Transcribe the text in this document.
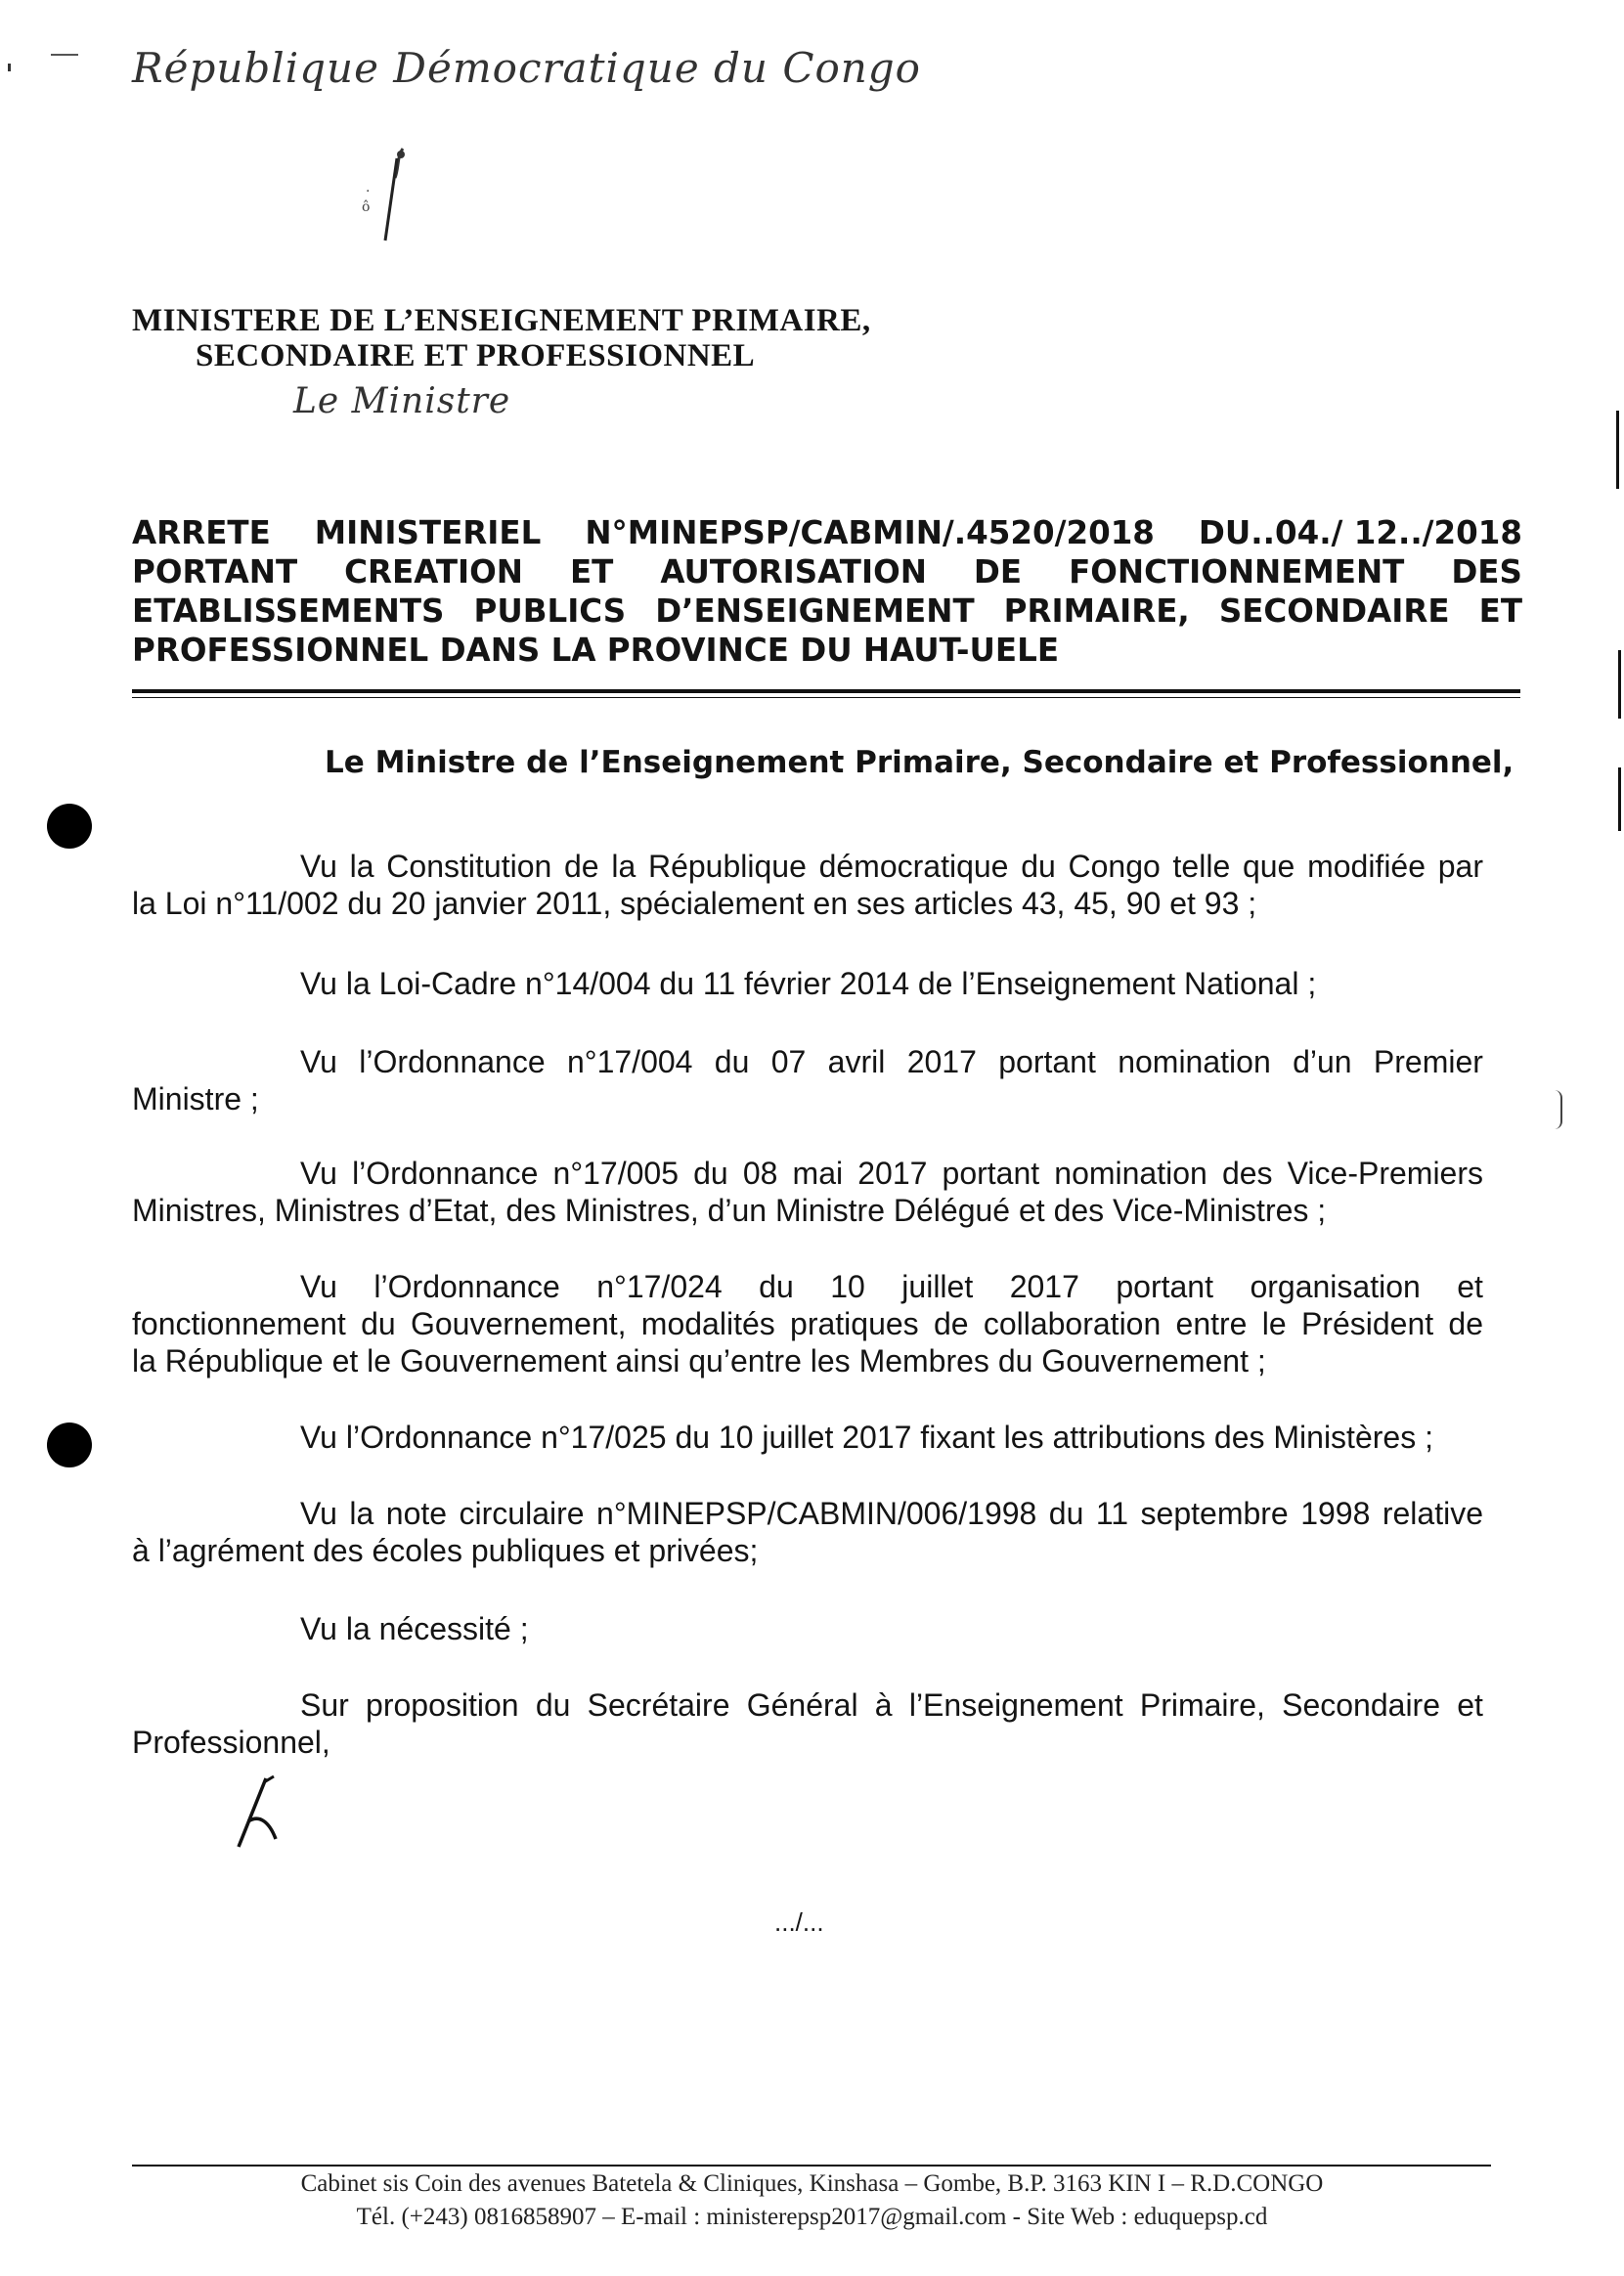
République Démocratique du Congo
·
ô
MINISTERE DE L’ENSEIGNEMENT PRIMAIRE,
SECONDAIRE ET PROFESSIONNEL
Le Ministre
ARRETE MINISTERIEL N°MINEPSP/CABMIN/.4520/2018 DU..04./ 12../2018
PORTANT CREATION ET AUTORISATION DE FONCTIONNEMENT DES
ETABLISSEMENTS PUBLICS D’ENSEIGNEMENT PRIMAIRE, SECONDAIRE ET
PROFESSIONNEL DANS LA PROVINCE DU HAUT-UELE
Le Ministre de l’Enseignement Primaire, Secondaire et Professionnel,
Vu la Constitution de la République démocratique du Congo telle que modifiée par
la Loi n°11/002 du 20 janvier 2011, spécialement en ses articles 43, 45, 90 et 93 ;
Vu la Loi-Cadre n°14/004 du 11 février 2014 de l’Enseignement National ;
Vu l’Ordonnance n°17/004 du 07 avril 2017 portant nomination d’un Premier
Ministre ;
Vu l’Ordonnance n°17/005 du 08 mai 2017 portant nomination des Vice-Premiers
Ministres, Ministres d’Etat, des Ministres, d’un Ministre Délégué et des Vice-Ministres ;
Vu l’Ordonnance n°17/024 du 10 juillet 2017 portant organisation et
fonctionnement du Gouvernement, modalités pratiques de collaboration entre le Président de
la République et le Gouvernement ainsi qu’entre les Membres du Gouvernement ;
Vu l’Ordonnance n°17/025 du 10 juillet 2017 fixant les attributions des Ministères ;
Vu la note circulaire n°MINEPSP/CABMIN/006/1998 du 11 septembre 1998 relative
à l’agrément des écoles publiques et privées;
Vu la nécessité ;
Sur proposition du Secrétaire Général à l’Enseignement Primaire, Secondaire et
Professionnel,
.../...
Cabinet sis Coin des avenues Batetela & Cliniques, Kinshasa – Gombe, B.P. 3163 KIN I – R.D.CONGO
Tél. (+243) 0816858907 – E-mail : ministerepsp2017@gmail.com - Site Web : eduquepsp.cd
